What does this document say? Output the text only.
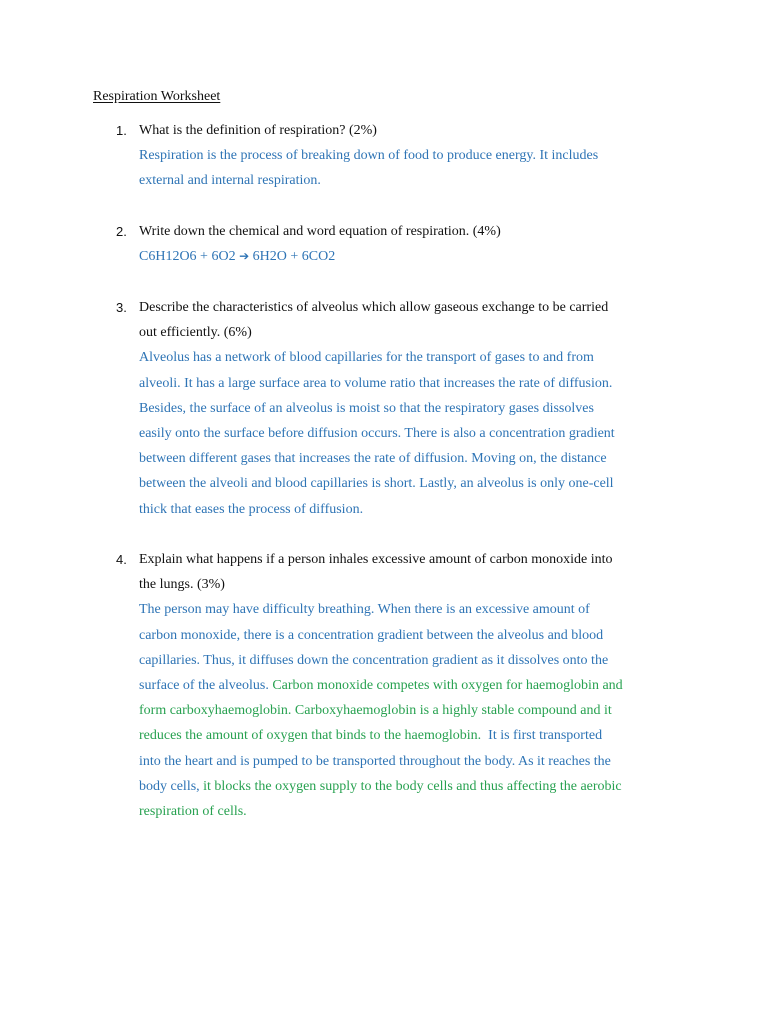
Respiration Worksheet
1. What is the definition of respiration? (2%)
Respiration is the process of breaking down of food to produce energy. It includes
external and internal respiration.
2. Write down the chemical and word equation of respiration. (4%)
C6H12O6 + 6O2 ➔ 6H2O + 6CO2
3. Describe the characteristics of alveolus which allow gaseous exchange to be carried
out efficiently. (6%)
Alveolus has a network of blood capillaries for the transport of gases to and from
alveoli. It has a large surface area to volume ratio that increases the rate of diffusion.
Besides, the surface of an alveolus is moist so that the respiratory gases dissolves
easily onto the surface before diffusion occurs. There is also a concentration gradient
between different gases that increases the rate of diffusion. Moving on, the distance
between the alveoli and blood capillaries is short. Lastly, an alveolus is only one-cell
thick that eases the process of diffusion.
4. Explain what happens if a person inhales excessive amount of carbon monoxide into
the lungs. (3%)
The person may have difficulty breathing. When there is an excessive amount of
carbon monoxide, there is a concentration gradient between the alveolus and blood
capillaries. Thus, it diffuses down the concentration gradient as it dissolves onto the
surface of the alveolus. Carbon monoxide competes with oxygen for haemoglobin and
form carboxyhaemoglobin. Carboxyhaemoglobin is a highly stable compound and it
reduces the amount of oxygen that binds to the haemoglobin.  It is first transported
into the heart and is pumped to be transported throughout the body. As it reaches the
body cells, it blocks the oxygen supply to the body cells and thus affecting the aerobic
respiration of cells.
